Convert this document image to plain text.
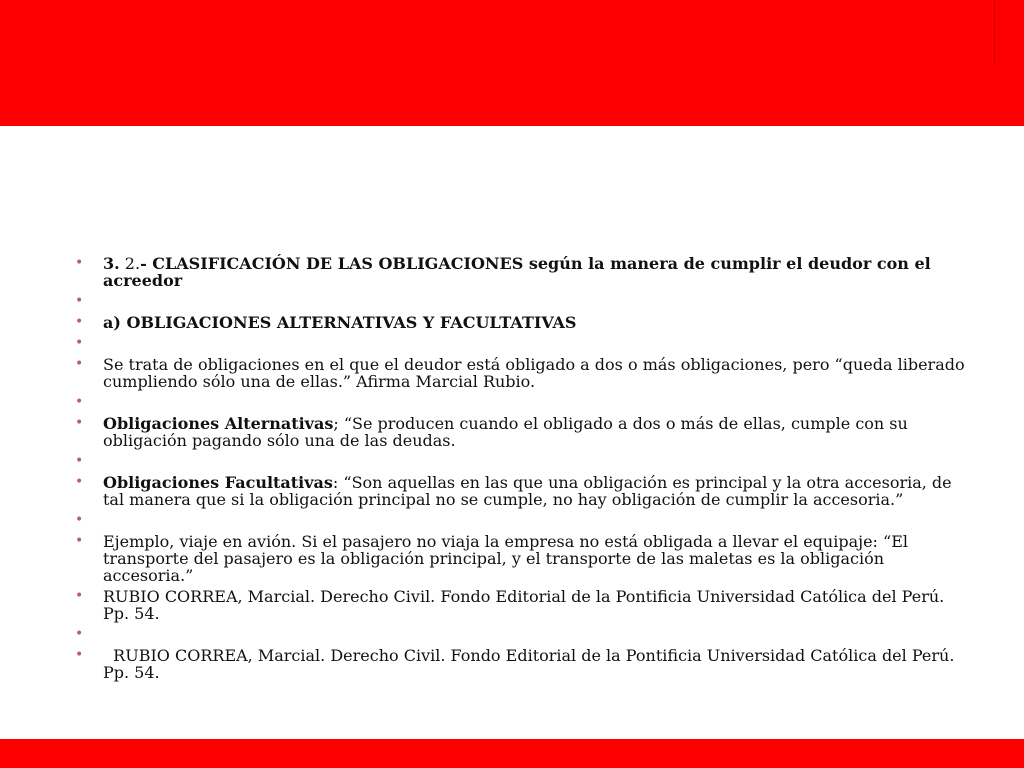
• 3. 2.- CLASIFICACIÓN DE LAS OBLIGACIONES según la manera de cumplir el deudor con el acreedor
•
• a) OBLIGACIONES ALTERNATIVAS Y FACULTATIVAS
•
• Se trata de obligaciones en el que el deudor está obligado a dos o más obligaciones, pero “queda liberado cumpliendo sólo una de ellas.” Afirma Marcial Rubio.
•
• Obligaciones Alternativas; “Se producen cuando el obligado a dos o más de ellas, cumple con su obligación pagando sólo una de las deudas.
•
• Obligaciones Facultativas: “Son aquellas en las que una obligación es principal y la otra accesoria, de tal manera que si la obligación principal no se cumple, no hay obligación de cumplir la accesoria.”
•
• Ejemplo, viaje en avión. Si el pasajero no viaja la empresa no está obligada a llevar el equipaje: “El transporte del pasajero es la obligación principal, y el transporte de las maletas es la obligación accesoria.”
• RUBIO CORREA, Marcial. Derecho Civil. Fondo Editorial de la Pontificia Universidad Católica del Perú. Pp. 54.
•
•   RUBIO CORREA, Marcial. Derecho Civil. Fondo Editorial de la Pontificia Universidad Católica del Perú. Pp. 54.
